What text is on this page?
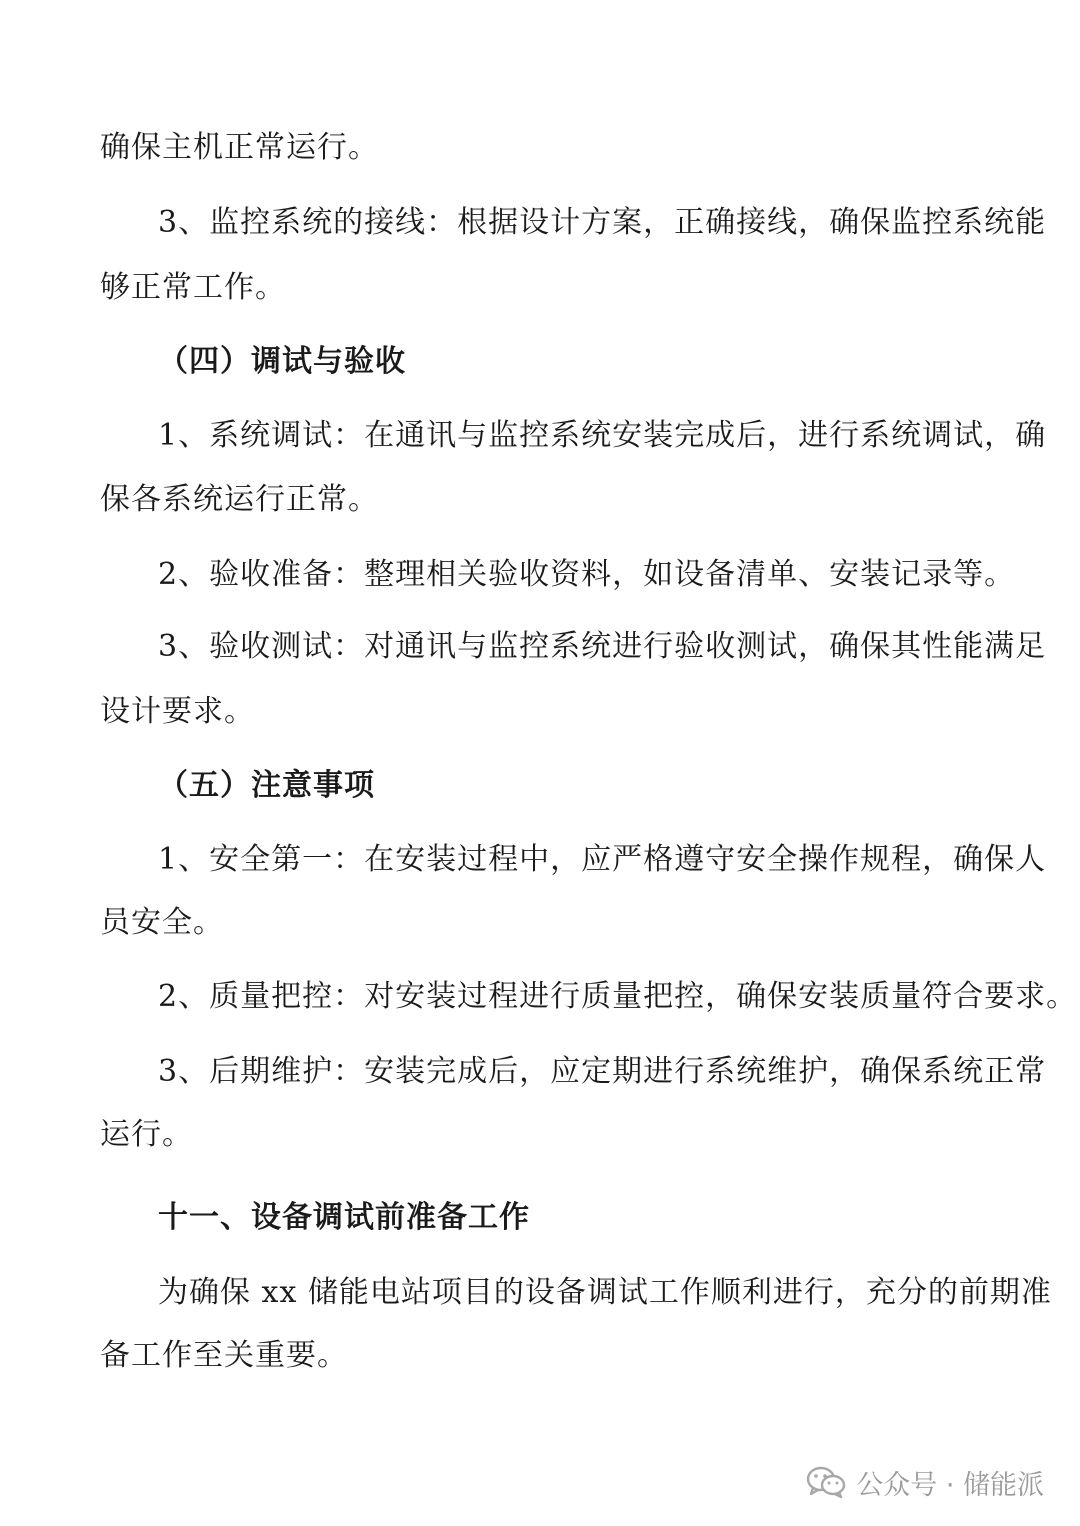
确保主机正常运行。
3、监控系统的接线：根据设计方案，正确接线，确保监控系统能
够正常工作。
（四）调试与验收
1、系统调试：在通讯与监控系统安装完成后，进行系统调试，确
保各系统运行正常。
2、验收准备：整理相关验收资料，如设备清单、安装记录等。
3、验收测试：对通讯与监控系统进行验收测试，确保其性能满足
设计要求。
（五）注意事项
1、安全第一：在安装过程中，应严格遵守安全操作规程，确保人
员安全。
2、质量把控：对安装过程进行质量把控，确保安装质量符合要求。
3、后期维护：安装完成后，应定期进行系统维护，确保系统正常
运行。
十一、设备调试前准备工作
为确保 xx 储能电站项目的设备调试工作顺利进行，充分的前期准
备工作至关重要。
公众号 · 储能派
